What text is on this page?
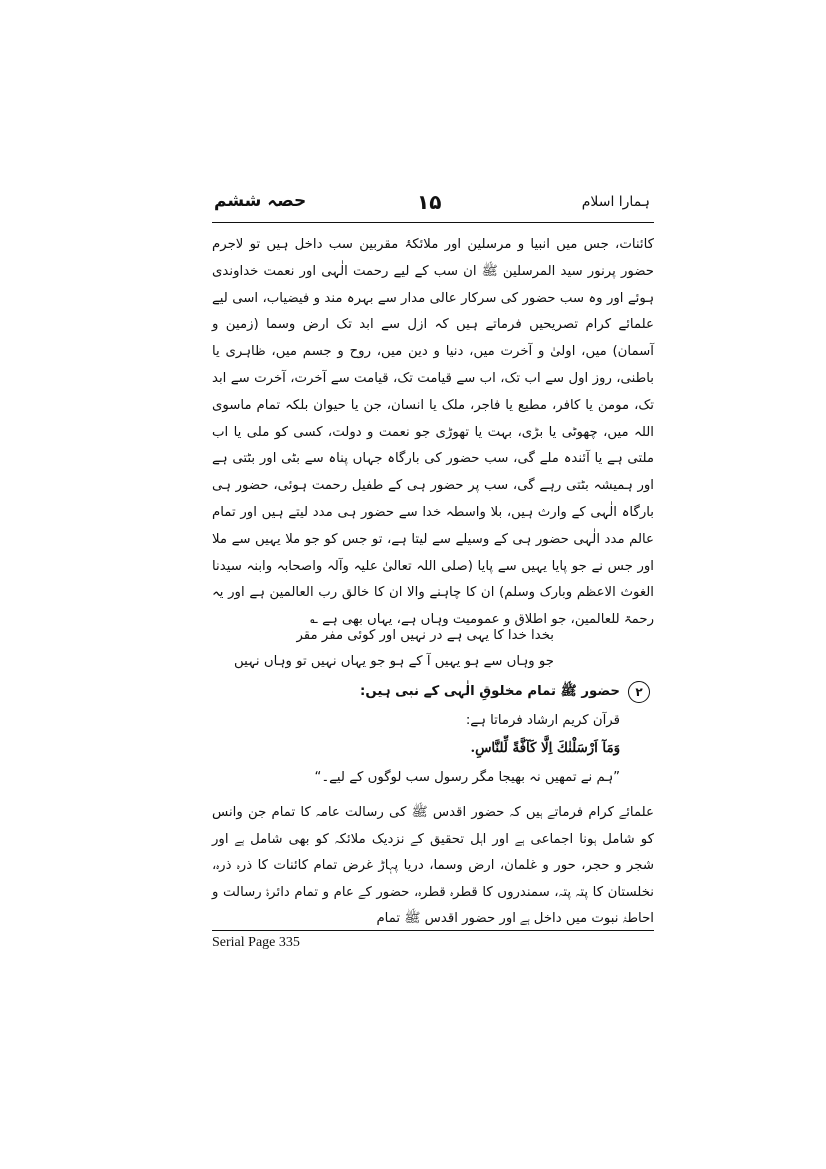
ہمارا اسلام
۱۵
حصہ ششم

کائنات، جس میں انبیا و مرسلین اور ملائکۂ مقربین سب داخل ہیں تو لاجرم حضور پرنور سید المرسلین ﷺ ان سب کے لیے رحمت الٰہی اور نعمت خداوندی ہوئے اور وہ سب حضور کی سرکار عالی مدار سے بہرہ مند و فیضیاب، اسی لیے علمائے کرام تصریحیں فرماتے ہیں کہ ازل سے ابد تک ارض وسما (زمین و آسمان) میں، اولیٰ و آخرت میں، دنیا و دین میں، روح و جسم میں، ظاہری یا باطنی، روز اول سے اب تک، اب سے قیامت تک، قیامت سے آخرت، آخرت سے ابد تک، مومن یا کافر، مطیع یا فاجر، ملک یا انسان، جن یا حیوان بلکہ تمام ماسوی اللہ میں، چھوٹی یا بڑی، بہت یا تھوڑی جو نعمت و دولت، کسی کو ملی یا اب ملتی ہے یا آئندہ ملے گی، سب حضور کی بارگاہ جہاں پناہ سے بٹی اور بٹتی ہے اور ہمیشہ بٹتی رہے گی، سب پر حضور ہی کے طفیل رحمت ہوئی، حضور ہی بارگاہ الٰہی کے وارث ہیں، بلا واسطہ خدا سے حضور ہی مدد لیتے ہیں اور تمام عالم مدد الٰہی حضور ہی کے وسیلے سے لیتا ہے، تو جس کو جو ملا یہیں سے ملا اور جس نے جو پایا یہیں سے پایا (صلی اللہ تعالیٰ علیہ وآلہ واصحابہ وابنہ سیدنا الغوث الاعظم وبارک وسلم) ان کا چاہنے والا ان کا خالق رب العالمین ہے اور یہ رحمۃ للعالمین، جو اطلاق و عمومیت وہاں ہے، یہاں بھی ہے ؎

بخدا خدا کا یہی ہے در نہیں اور کوئی مفر مقر
جو وہاں سے ہو یہیں آ کے ہو جو یہاں نہیں تو وہاں نہیں
۲
حضور ﷺ تمام مخلوقِ الٰہی کے نبی ہیں:
قرآن کریم ارشاد فرماتا ہے:
وَمَآ اَرْسَلْنٰكَ اِلَّا كَآفَّةً لِّلنَّاسِ.
”ہم نے تمھیں نہ بھیجا مگر رسول سب لوگوں کے لیے۔“
علمائے کرام فرماتے ہیں کہ حضور اقدس ﷺ کی رسالت عامہ کا تمام جن وانس کو شامل ہونا اجماعی ہے اور اہل تحقیق کے نزدیک ملائکہ کو بھی شامل ہے اور شجر و حجر، حور و غلمان، ارض وسما، دریا پہاڑ غرض تمام کائنات کا ذرہ ذرہ، نخلستان کا پتہ پتہ، سمندروں کا قطرہ قطرہ، حضور کے عام و تمام دائرۂ رسالت و احاطۂ نبوت میں داخل ہے اور حضور اقدس ﷺ تمام
Serial Page 335
